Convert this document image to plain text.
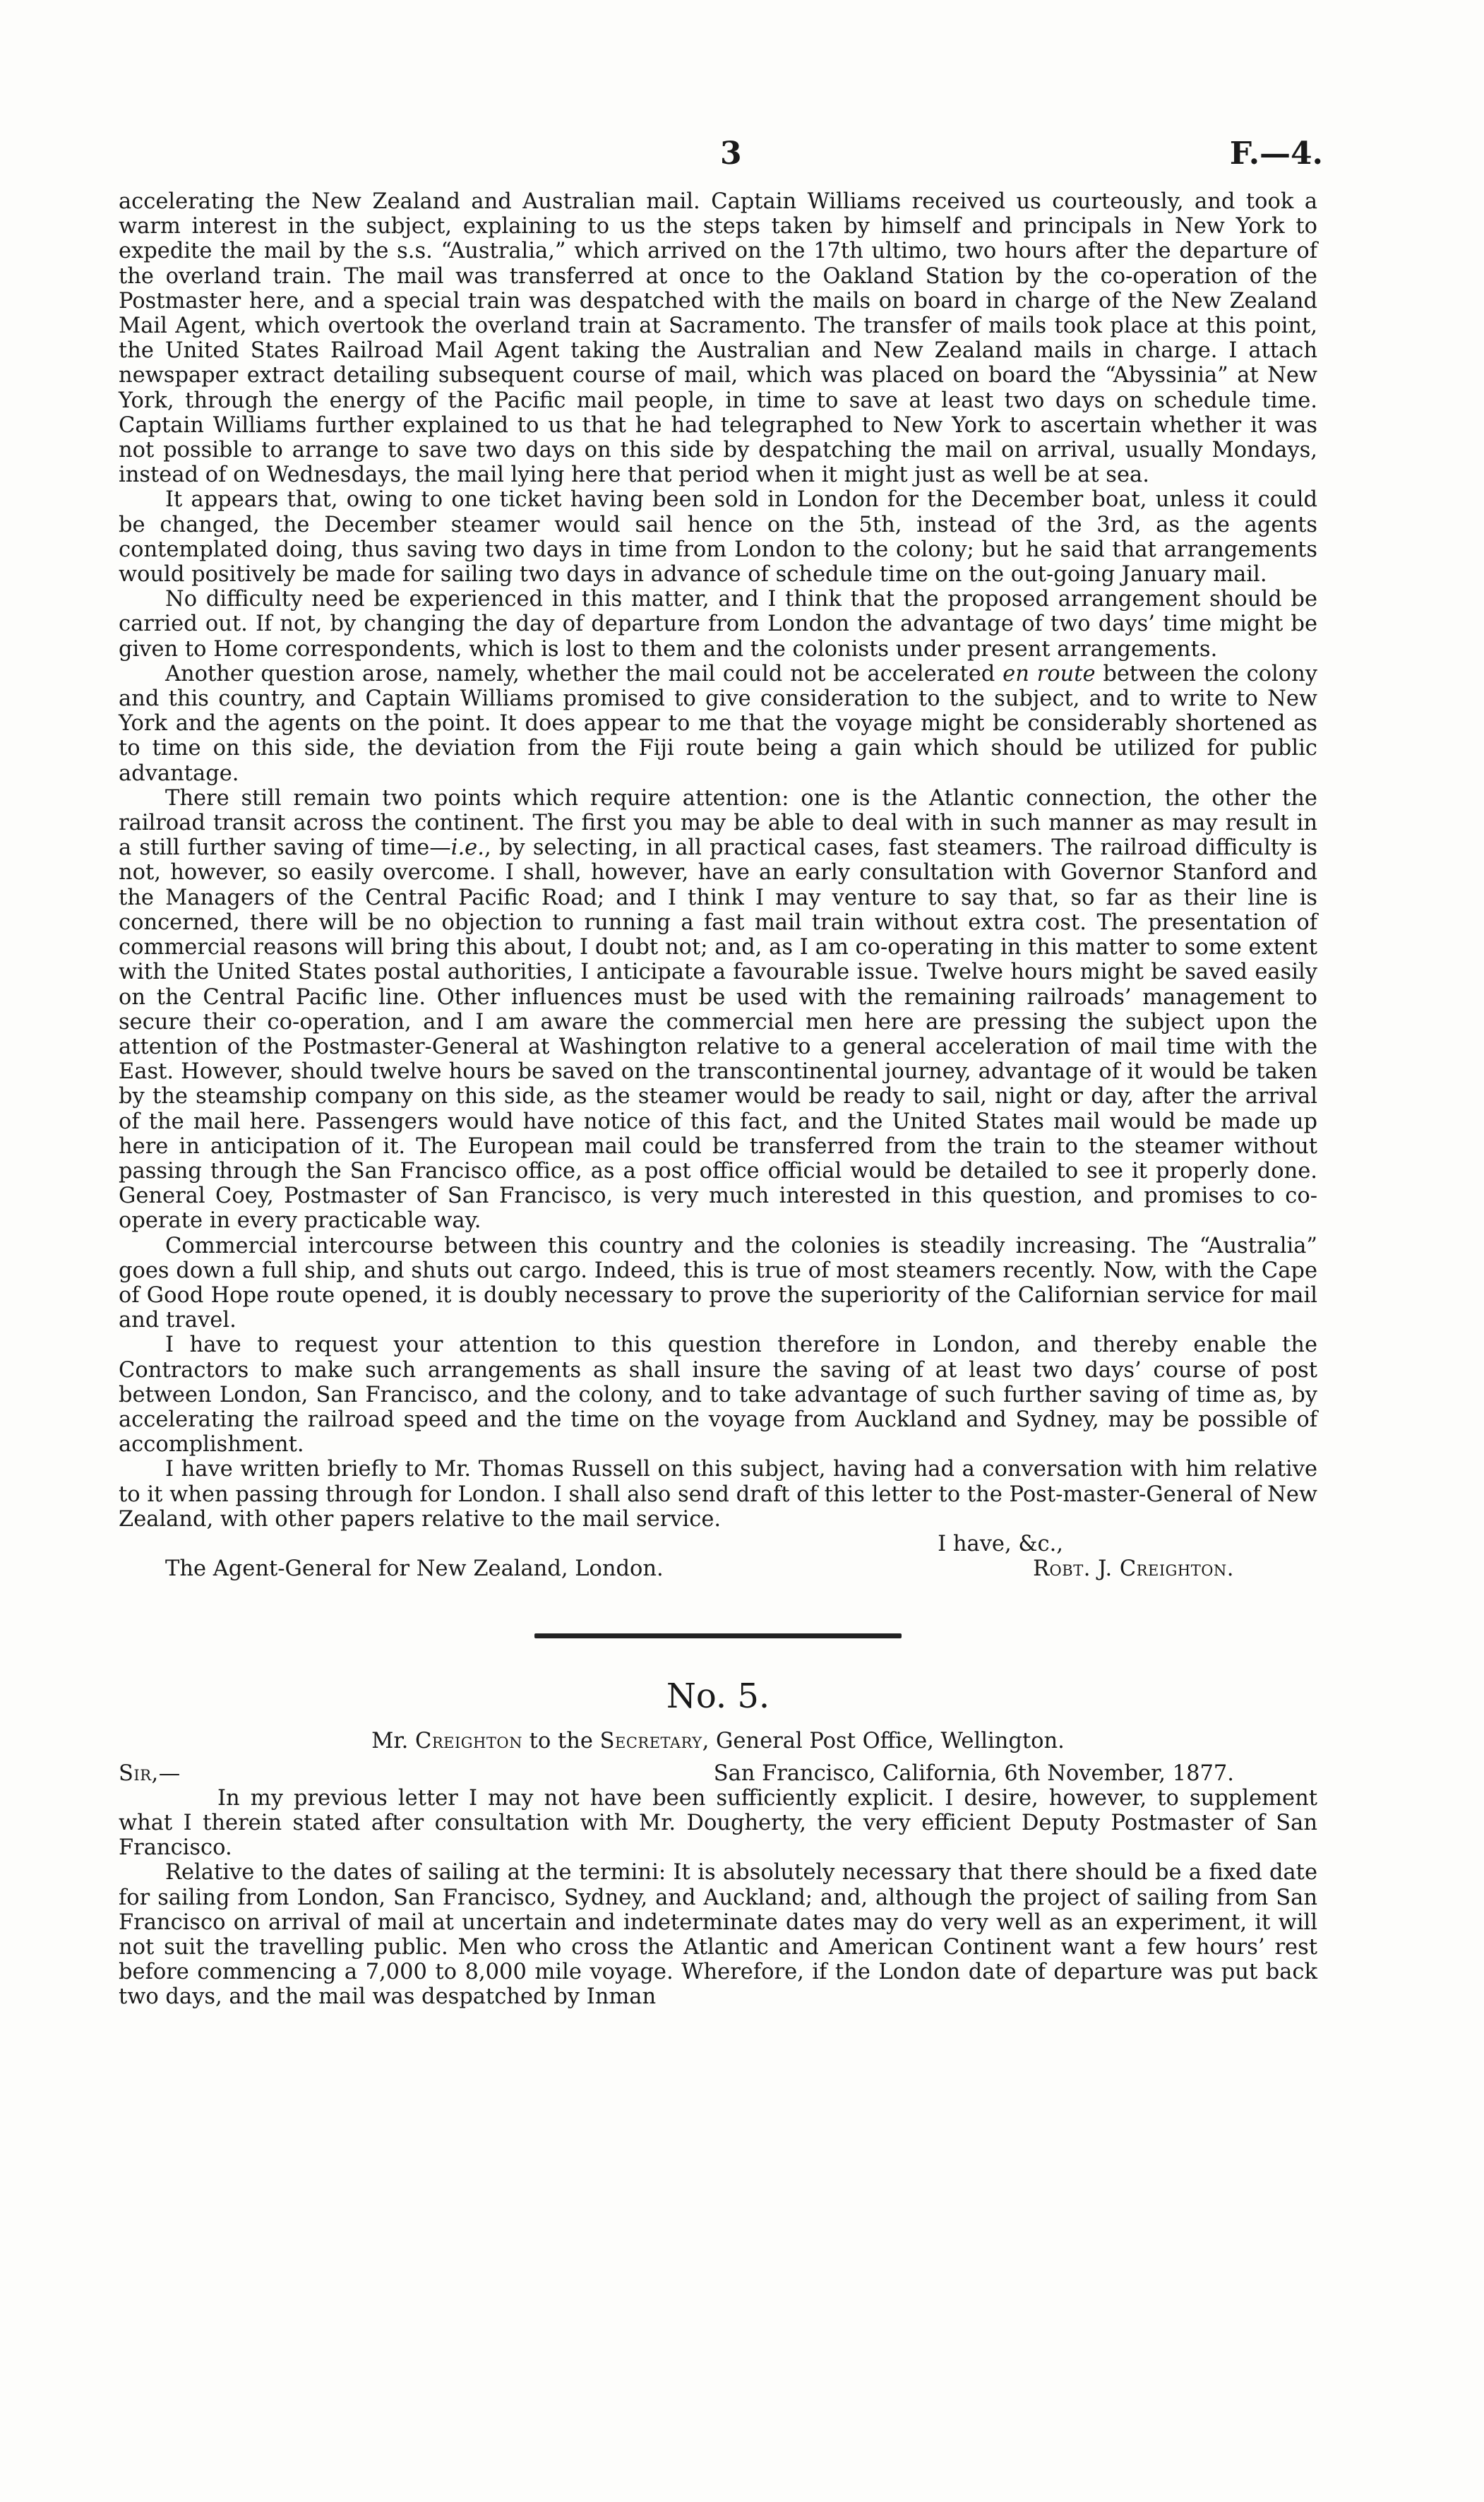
3	F.—4.

accelerating the New Zealand and Australian mail. Captain Williams received us courteously, and took a warm interest in the subject, explaining to us the steps taken by himself and principals in New York to expedite the mail by the s.s. “Australia,” which arrived on the 17th ultimo, two hours after the departure of the overland train. The mail was transferred at once to the Oakland Station by the co-operation of the Postmaster here, and a special train was despatched with the mails on board in charge of the New Zealand Mail Agent, which overtook the overland train at Sacramento. The transfer of mails took place at this point, the United States Railroad Mail Agent taking the Australian and New Zealand mails in charge. I attach newspaper extract detailing subsequent course of mail, which was placed on board the “Abyssinia” at New York, through the energy of the Pacific mail people, in time to save at least two days on schedule time. Captain Williams further explained to us that he had telegraphed to New York to ascertain whether it was not possible to arrange to save two days on this side by despatching the mail on arrival, usually Mondays, instead of on Wednesdays, the mail lying here that period when it might just as well be at sea.

It appears that, owing to one ticket having been sold in London for the December boat, unless it could be changed, the December steamer would sail hence on the 5th, instead of the 3rd, as the agents contemplated doing, thus saving two days in time from London to the colony; but he said that arrangements would positively be made for sailing two days in advance of schedule time on the out-going January mail.

No difficulty need be experienced in this matter, and I think that the proposed arrangement should be carried out. If not, by changing the day of departure from London the advantage of two days’ time might be given to Home correspondents, which is lost to them and the colonists under present arrangements.

Another question arose, namely, whether the mail could not be accelerated en route between the colony and this country, and Captain Williams promised to give consideration to the subject, and to write to New York and the agents on the point. It does appear to me that the voyage might be considerably shortened as to time on this side, the deviation from the Fiji route being a gain which should be utilized for public advantage.

There still remain two points which require attention: one is the Atlantic connection, the other the railroad transit across the continent. The first you may be able to deal with in such manner as may result in a still further saving of time—i.e., by selecting, in all practical cases, fast steamers. The railroad difficulty is not, however, so easily overcome. I shall, however, have an early consultation with Governor Stanford and the Managers of the Central Pacific Road; and I think I may venture to say that, so far as their line is concerned, there will be no objection to running a fast mail train without extra cost. The presentation of commercial reasons will bring this about, I doubt not; and, as I am co-operating in this matter to some extent with the United States postal authorities, I anticipate a favourable issue. Twelve hours might be saved easily on the Central Pacific line. Other influences must be used with the remaining railroads’ management to secure their co-operation, and I am aware the commercial men here are pressing the subject upon the attention of the Postmaster-General at Washington relative to a general acceleration of mail time with the East. However, should twelve hours be saved on the transcontinental journey, advantage of it would be taken by the steamship company on this side, as the steamer would be ready to sail, night or day, after the arrival of the mail here. Passengers would have notice of this fact, and the United States mail would be made up here in anticipation of it. The European mail could be transferred from the train to the steamer without passing through the San Francisco office, as a post office official would be detailed to see it properly done. General Coey, Postmaster of San Francisco, is very much interested in this question, and promises to co-operate in every practicable way.

Commercial intercourse between this country and the colonies is steadily increasing. The “Australia” goes down a full ship, and shuts out cargo. Indeed, this is true of most steamers recently. Now, with the Cape of Good Hope route opened, it is doubly necessary to prove the superiority of the Californian service for mail and travel.

I have to request your attention to this question therefore in London, and thereby enable the Contractors to make such arrangements as shall insure the saving of at least two days’ course of post between London, San Francisco, and the colony, and to take advantage of such further saving of time as, by accelerating the railroad speed and the time on the voyage from Auckland and Sydney, may be possible of accomplishment.

I have written briefly to Mr. Thomas Russell on this subject, having had a conversation with him relative to it when passing through for London. I shall also send draft of this letter to the Post-master-General of New Zealand, with other papers relative to the mail service.

I have, &c.,

The Agent-General for New Zealand, London.	Robt. J. Creighton.
No. 5.
Mr. Creighton to the Secretary, General Post Office, Wellington.
Sir,—	San Francisco, California, 6th November, 1877.

In my previous letter I may not have been sufficiently explicit. I desire, however, to supplement what I therein stated after consultation with Mr. Dougherty, the very efficient Deputy Postmaster of San Francisco.

Relative to the dates of sailing at the termini: It is absolutely necessary that there should be a fixed date for sailing from London, San Francisco, Sydney, and Auckland; and, although the project of sailing from San Francisco on arrival of mail at uncertain and indeterminate dates may do very well as an experiment, it will not suit the travelling public. Men who cross the Atlantic and American Continent want a few hours’ rest before commencing a 7,000 to 8,000 mile voyage. Wherefore, if the London date of departure was put back two days, and the mail was despatched by Inman
